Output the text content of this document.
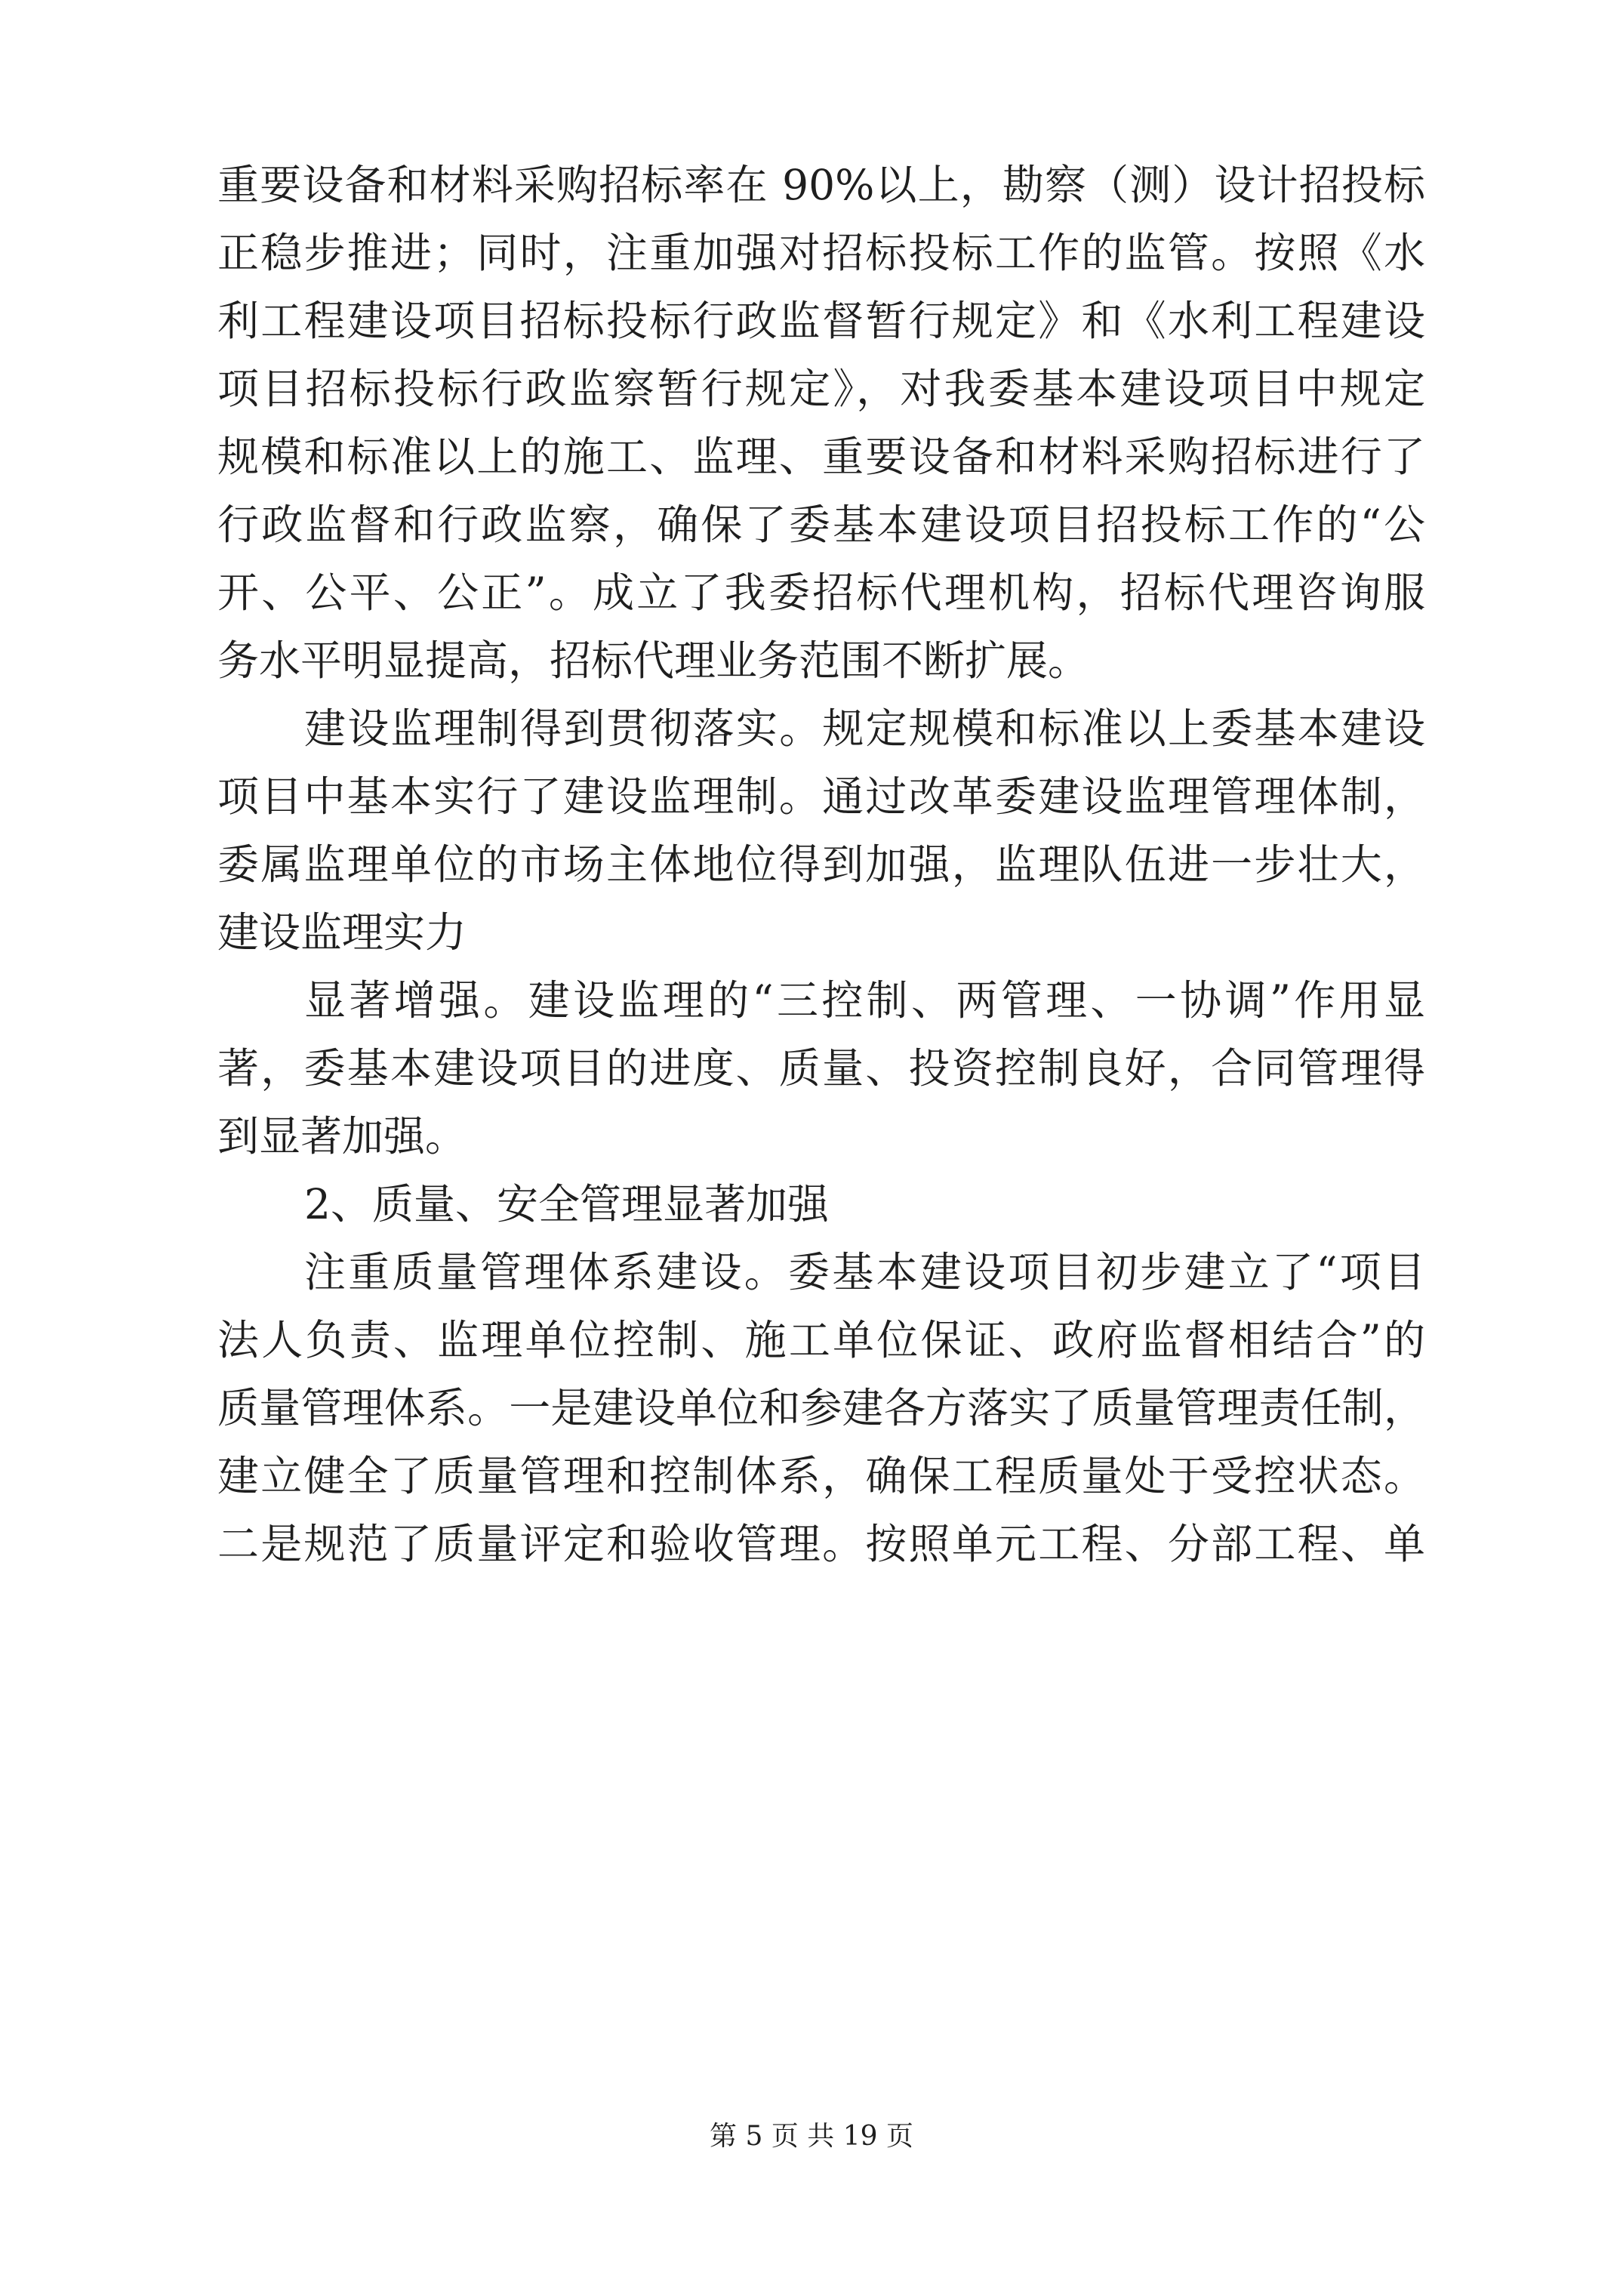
重要设备和材料采购招标率在 90%以上，勘察（测）设计招投标
正稳步推进；同时，注重加强对招标投标工作的监管。按照《水
利工程建设项目招标投标行政监督暂行规定》和《水利工程建设
项目招标投标行政监察暂行规定》，对我委基本建设项目中规定
规模和标准以上的施工、监理、重要设备和材料采购招标进行了
行政监督和行政监察，确保了委基本建设项目招投标工作的“公
开、公平、公正”。成立了我委招标代理机构，招标代理咨询服
务水平明显提高，招标代理业务范围不断扩展。
建设监理制得到贯彻落实。规定规模和标准以上委基本建设
项目中基本实行了建设监理制。通过改革委建设监理管理体制，
委属监理单位的市场主体地位得到加强，监理队伍进一步壮大，
建设监理实力
显著增强。建设监理的“三控制、两管理、一协调”作用显
著，委基本建设项目的进度、质量、投资控制良好，合同管理得
到显著加强。
2、质量、安全管理显著加强
注重质量管理体系建设。委基本建设项目初步建立了“项目
法人负责、监理单位控制、施工单位保证、政府监督相结合”的
质量管理体系。一是建设单位和参建各方落实了质量管理责任制，
建立健全了质量管理和控制体系，确保工程质量处于受控状态。
二是规范了质量评定和验收管理。按照单元工程、分部工程、单
第 5 页 共 19 页
